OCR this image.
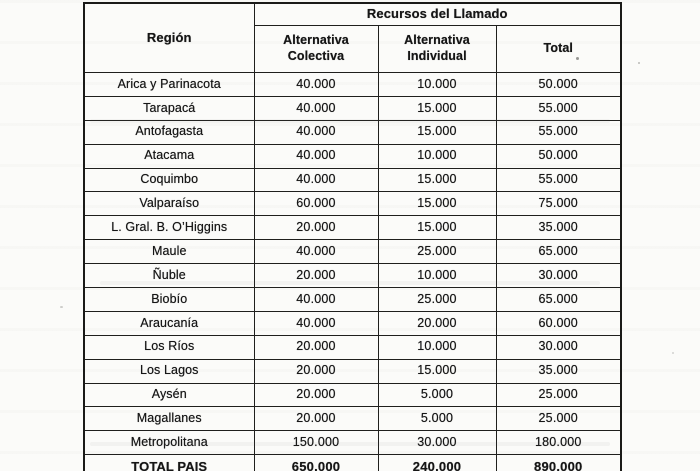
Región	Recursos del Llamado		
	Alternativa Colectiva	Alternativa Individual	Total
Arica y Parinacota	40.000	10.000	50.000
Tarapacá	40.000	15.000	55.000
Antofagasta	40.000	15.000	55.000
Atacama	40.000	10.000	50.000
Coquimbo	40.000	15.000	55.000
Valparaíso	60.000	15.000	75.000
L. Gral. B. O’Higgins	20.000	15.000	35.000
Maule	40.000	25.000	65.000
Ñuble	20.000	10.000	30.000
Biobío	40.000	25.000	65.000
Araucanía	40.000	20.000	60.000
Los Ríos	20.000	10.000	30.000
Los Lagos	20.000	15.000	35.000
Aysén	20.000	5.000	25.000
Magallanes	20.000	5.000	25.000
Metropolitana	150.000	30.000	180.000
TOTAL PAIS	650.000	240.000	890.000
